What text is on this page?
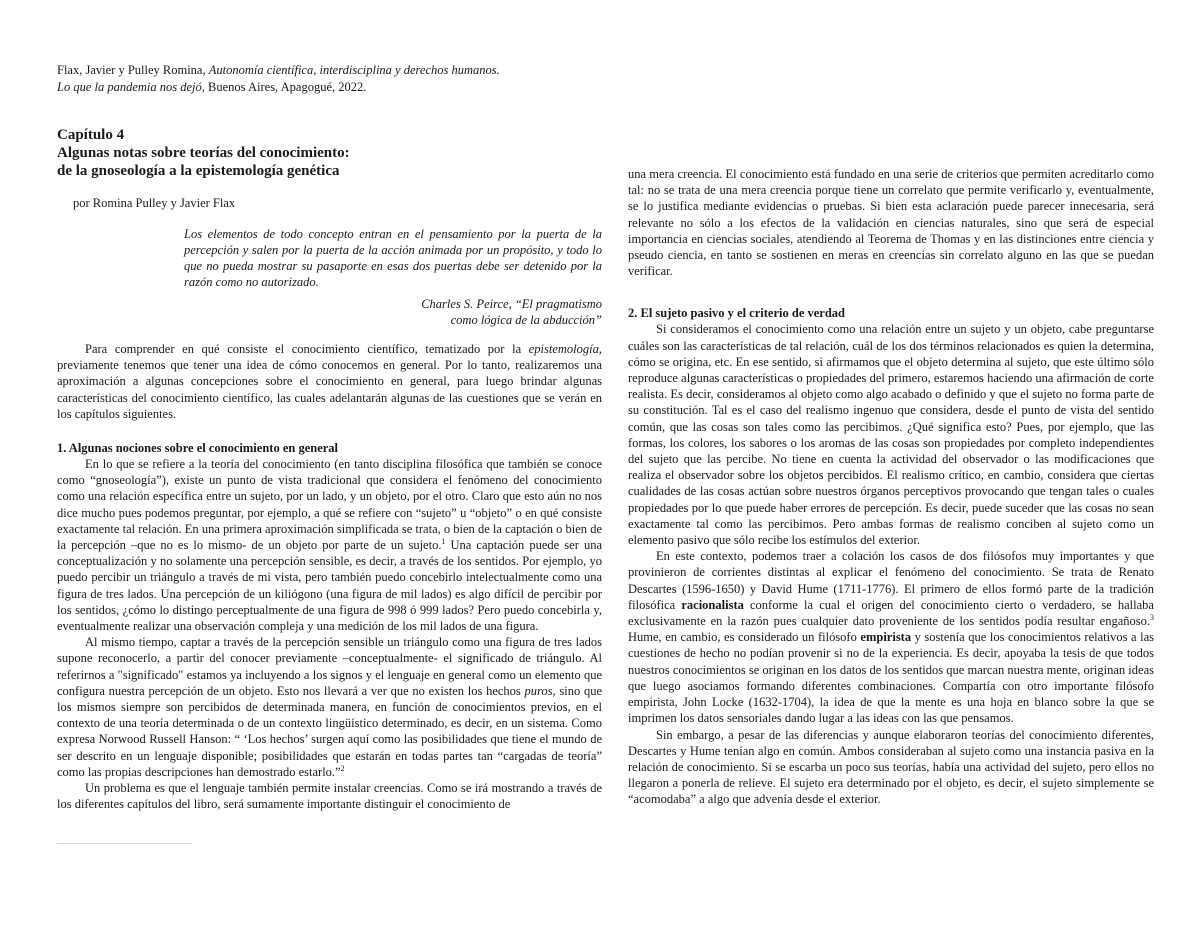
Flax, Javier y Pulley Romina, Autonomía científica, interdisciplina y derechos humanos.
Lo que la pandemia nos dejó, Buenos Aires, Apagogué, 2022.
Capítulo 4
Algunas notas sobre teorías del conocimiento:
de la gnoseología a la epistemología genética
por Romina Pulley y Javier Flax
Los elementos de todo concepto entran en el pensamiento por la puerta de la percepción y salen por la puerta de la acción animada por un propósito, y todo lo que no pueda mostrar su pasaporte en esas dos puertas debe ser detenido por la razón como no autorizado.
Charles S. Peirce, “El pragmatismo
como lógica de la abducción”

Para comprender en qué consiste el conocimiento científico, tematizado por la epistemología, previamente tenemos que tener una idea de cómo conocemos en general. Por lo tanto, realizaremos una aproximación a algunas concepciones sobre el conocimiento en general, para luego brindar algunas características del conocimiento científico, las cuales adelantarán algunas de las cuestiones que se verán en los capítulos siguientes.

1. Algunas nociones sobre el conocimiento en general

En lo que se refiere a la teoría del conocimiento (en tanto disciplina filosófica que también se conoce como “gnoseología”), existe un punto de vista tradicional que considera el fenómeno del conocimiento como una relación específica entre un sujeto, por un lado, y un objeto, por el otro. Claro que esto aún no nos dice mucho pues podemos preguntar, por ejemplo, a qué se refiere con “sujeto” u “objeto” o en qué consiste exactamente tal relación. En una primera aproximación simplificada se trata, o bien de la captación o bien de la percepción –que no es lo mismo- de un objeto por parte de un sujeto.$^1$ Una captación puede ser una conceptualización y no solamente una percepción sensible, es decir, a través de los sentidos. Por ejemplo, yo puedo percibir un triángulo a través de mi vista, pero también puedo concebirlo intelectualmente como una figura de tres lados. Una percepción de un kiliógono (una figura de mil lados) es algo difícil de percibir por los sentidos, ¿cómo lo distingo perceptualmente de una figura de 998 ó 999 lados? Pero puedo concebirla y, eventualmente realizar una observación compleja y una medición de los mil lados de una figura.

Al mismo tiempo, captar a través de la percepción sensible un triángulo como una figura de tres lados supone reconocerlo, a partir del conocer previamente –conceptualmente- el significado de triángulo. Al referirnos a "significado" estamos ya incluyendo a los signos y el lenguaje en general como un elemento que configura nuestra percepción de un objeto. Esto nos llevará a ver que no existen los hechos puros, sino que los mismos siempre son percibidos de determinada manera, en función de conocimientos previos, en el contexto de una teoría determinada o de un contexto lingüístico determinado, es decir, en un sistema. Como expresa Norwood Russell Hanson: “ ‘Los hechos’ surgen aquí como las posibilidades que tiene el mundo de ser descrito en un lenguaje disponible; posibilidades que estarán en todas partes tan “cargadas de teoría” como las propias descripciones han demostrado estarlo.”$^2$

Un problema es que el lenguaje también permite instalar creencias. Como se irá mostrando a través de los diferentes capítulos del libro, será sumamente importante distinguir el conocimiento de

una mera creencia. El conocimiento está fundado en una serie de criterios que permiten acreditarlo como tal: no se trata de una mera creencia porque tiene un correlato que permite verificarlo y, eventualmente, se lo justifica mediante evidencias o pruebas. Si bien esta aclaración puede parecer innecesaria, será relevante no sólo a los efectos de la validación en ciencias naturales, sino que será de especial importancia en ciencias sociales, atendiendo al Teorema de Thomas y en las distinciones entre ciencia y pseudo ciencia, en tanto se sostienen en meras en creencias sin correlato alguno en las que se puedan verificar.

2. El sujeto pasivo y el criterio de verdad

Si consideramos el conocimiento como una relación entre un sujeto y un objeto, cabe preguntarse cuáles son las características de tal relación, cuál de los dos términos relacionados es quien la determina, cómo se origina, etc. En ese sentido, si afirmamos que el objeto determina al sujeto, que este último sólo reproduce algunas características o propiedades del primero, estaremos haciendo una afirmación de corte realista. Es decir, consideramos al objeto como algo acabado o definido y que el sujeto no forma parte de su constitución. Tal es el caso del realismo ingenuo que considera, desde el punto de vista del sentido común, que las cosas son tales como las percibimos. ¿Qué significa esto? Pues, por ejemplo, que las formas, los colores, los sabores o los aromas de las cosas son propiedades por completo independientes del sujeto que las percibe. No tiene en cuenta la actividad del observador o las modificaciones que realiza el observador sobre los objetos percibidos. El realismo crítico, en cambio, considera que ciertas cualidades de las cosas actúan sobre nuestros órganos perceptivos provocando que tengan tales o cuales propiedades por lo que puede haber errores de percepción. Es decir, puede suceder que las cosas no sean exactamente tal como las percibimos. Pero ambas formas de realismo conciben al sujeto como un elemento pasivo que sólo recibe los estímulos del exterior.

En este contexto, podemos traer a colación los casos de dos filósofos muy importantes y que provinieron de corrientes distintas al explicar el fenómeno del conocimiento. Se trata de Renato Descartes (1596-1650) y David Hume (1711-1776). El primero de ellos formó parte de la tradición filosófica racionalista conforme la cual el origen del conocimiento cierto o verdadero, se hallaba exclusivamente en la razón pues cualquier dato proveniente de los sentidos podía resultar engañoso.$^3$ Hume, en cambio, es considerado un filósofo empirista y sostenía que los conocimientos relativos a las cuestiones de hecho no podían provenir si no de la experiencia. Es decir, apoyaba la tesis de que todos nuestros conocimientos se originan en los datos de los sentidos que marcan nuestra mente, originan ideas que luego asociamos formando diferentes combinaciones. Compartía con otro importante filósofo empirista, John Locke (1632-1704), la idea de que la mente es una hoja en blanco sobre la que se imprimen los datos sensoriales dando lugar a las ideas con las que pensamos.

Sin embargo, a pesar de las diferencias y aunque elaboraron teorías del conocimiento diferentes, Descartes y Hume tenían algo en común. Ambos consideraban al sujeto como una instancia pasiva en la relación de conocimiento. Si se escarba un poco sus teorías, había una actividad del sujeto, pero ellos no llegaron a ponerla de relieve. El sujeto era determinado por el objeto, es decir, el sujeto simplemente se “acomodaba” a algo que advenía desde el exterior.
